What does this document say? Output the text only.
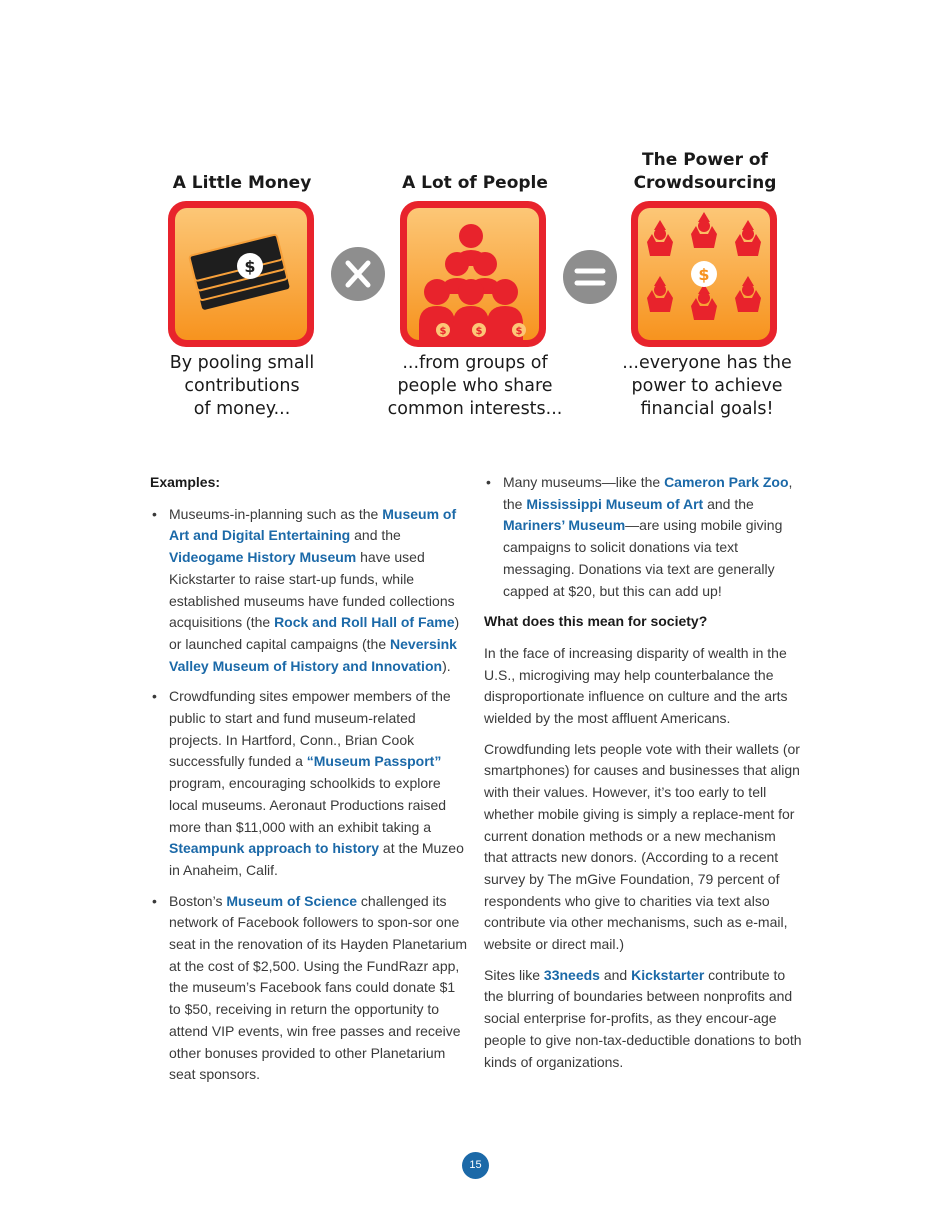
A Little Money
$
By pooling small
contributions
of money...
A Lot of People
$	$	$
...from groups of
people who share
common interests...
The Power of
Crowdsourcing
$
...everyone has the
power to achieve
financial goals!

Examples:

• Museums-in-planning such as the Museum of Art and Digital Entertaining and the Videogame History Museum have used Kickstarter to raise start-up funds, while established museums have funded collections acquisitions (the Rock and Roll Hall of Fame) or launched capital campaigns (the Neversink Valley Museum of History and Innovation).
• Crowdfunding sites empower members of the public to start and fund museum-related projects. In Hartford, Conn., Brian Cook successfully funded a “Museum Passport” program, encouraging schoolkids to explore local museums. Aeronaut Productions raised more than $11,000 with an exhibit taking a Steampunk approach to history at the Muzeo in Anaheim, Calif.
• Boston’s Museum of Science challenged its network of Facebook followers to spon-sor one seat in the renovation of its Hayden Planetarium at the cost of $2,500. Using the FundRazr app, the museum’s Facebook fans could donate $1 to $50, receiving in return the opportunity to attend VIP events, win free passes and receive other bonuses provided to other Planetarium seat sponsors.
• Many museums—like the Cameron Park Zoo, the Mississippi Museum of Art and the Mariners’ Museum—are using mobile giving campaigns to solicit donations via text messaging. Donations via text are generally capped at $20, but this can add up!

What does this mean for society?

In the face of increasing disparity of wealth in the U.S., microgiving may help counterbalance the disproportionate influence on culture and the arts wielded by the most affluent Americans.

Crowdfunding lets people vote with their wallets (or smartphones) for causes and businesses that align with their values. However, it’s too early to tell whether mobile giving is simply a replace-ment for current donation methods or a new mechanism that attracts new donors. (According to a recent survey by The mGive Foundation, 79 percent of respondents who give to charities via text also contribute via other mechanisms, such as e-mail, website or direct mail.)

Sites like 33needs and Kickstarter contribute to the blurring of boundaries between nonprofits and social enterprise for-profits, as they encour-age people to give non-tax-deductible donations to both kinds of organizations.

15
